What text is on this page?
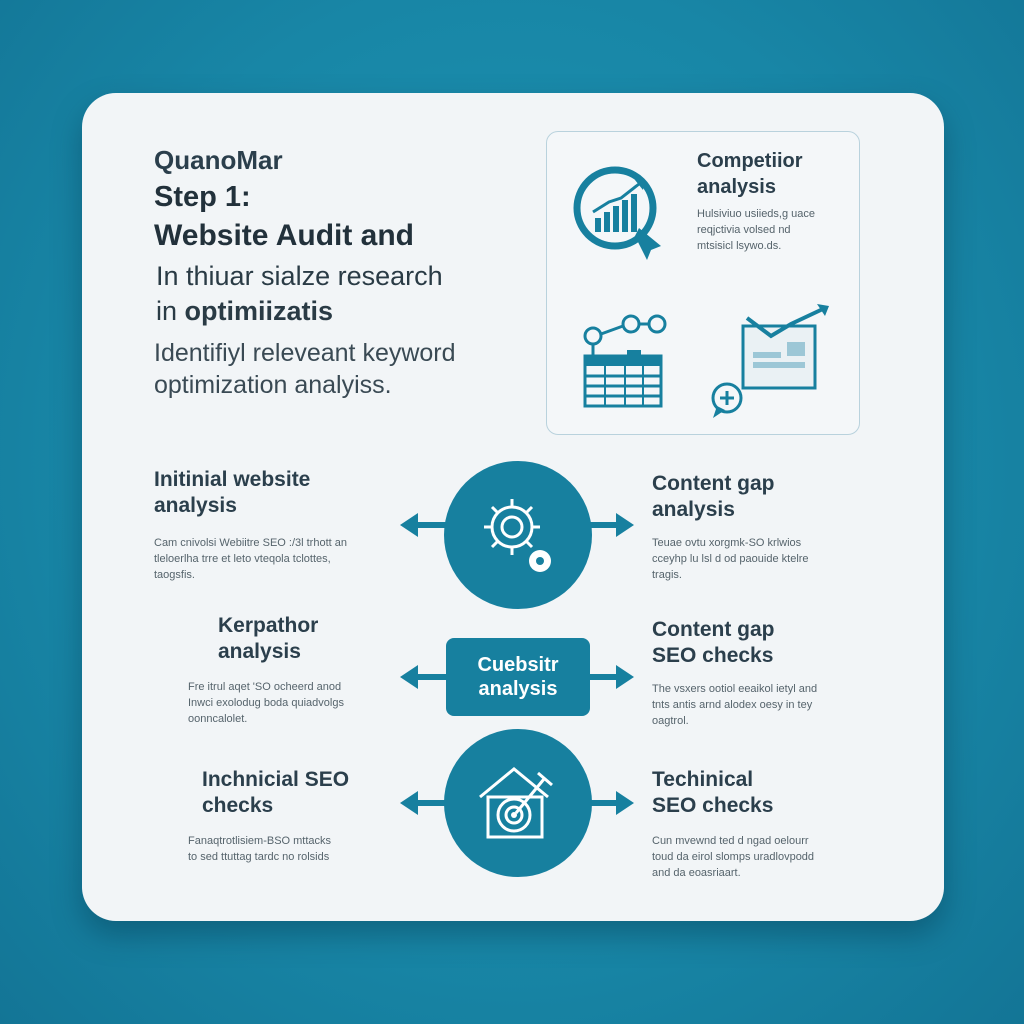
QuanoMar

Step 1:

Website Audit and

In thiuar sialze research

in optimiizatis

Identifiyl releveant keyword

optimization analyiss.

Competiior
analysis

Hulsiviuo usiieds,g uace
reqjctivia volsed nd
mtsisicl lsywo.ds.

Initinial website
analysis

Cam cnivolsi Webiitre SEO :/3l trhott an
tleloerlha trre et leto vteqola tclottes,
taogsfis.

Content gap
analysis

Teuae ovtu xorgmk-SO krlwios
cceyhp lu lsl d od paouide ktelre
tragis.

Kerpathor
analysis

Fre itrul aqet 'SO ocheerd anod
Inwci exolodug boda quiadvolgs
oonncalolet.

Cuebsitr
analysis

Content gap
SEO checks

The vsxers ootiol eeaikol ietyl and
tnts antis arnd alodex oesy in tey
oagtrol.

Inchnicial SEO
checks

Fanaqtrotlisiem-BSO mttacks
to sed ttuttag tardc no rolsids

Techinical
SEO checks

Cun mvewnd ted d ngad oelourr
toud da eirol slomps uradlovpodd
and da eoasriaart.
